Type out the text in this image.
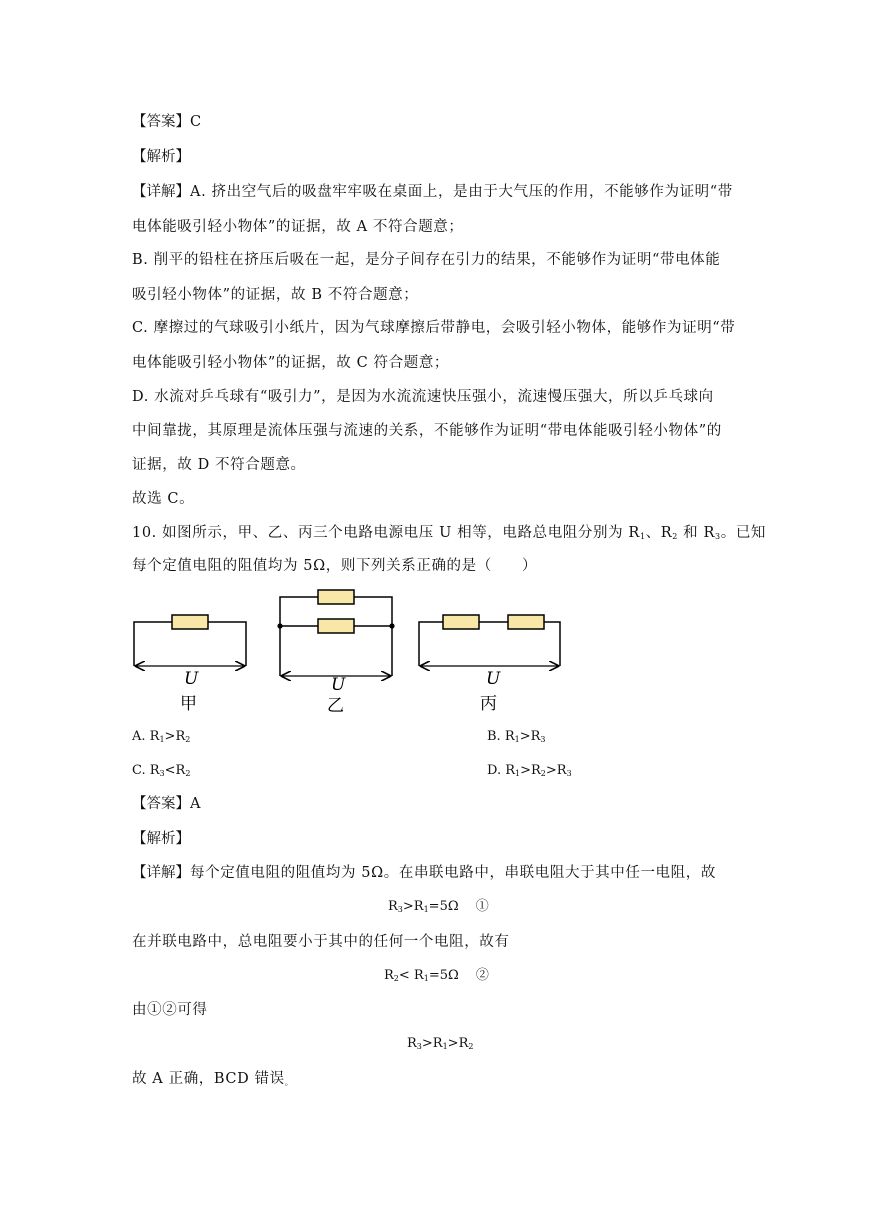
【答案】C
【解析】
【详解】A. 挤出空气后的吸盘牢牢吸在桌面上，是由于大气压的作用，不能够作为证明“带
电体能吸引轻小物体”的证据，故 A 不符合题意；
B. 削平的铅柱在挤压后吸在一起，是分子间存在引力的结果，不能够作为证明“带电体能
吸引轻小物体”的证据，故 B 不符合题意；
C. 摩擦过的气球吸引小纸片，因为气球摩擦后带静电，会吸引轻小物体，能够作为证明“带
电体能吸引轻小物体”的证据，故 C 符合题意；
D. 水流对乒乓球有“吸引力”，是因为水流流速快压强小，流速慢压强大，所以乒乓球向
中间靠拢，其原理是流体压强与流速的关系，不能够作为证明“带电体能吸引轻小物体”的
证据，故 D 不符合题意。
故选 C。
10. 如图所示，甲、乙、丙三个电路电源电压 U 相等，电路总电阻分别为 $R_1$、$R_2$ 和 $R_3$。已知
每个定值电阻的阻值均为 5Ω，则下列关系正确的是（　　）
U
甲
U
乙
U
丙
A. $R_1>R_2$	B. $R_1>R_3$
C. $R_3<R_2$	D. $R_1>R_2>R_3$
【答案】A
【解析】
【详解】每个定值电阻的阻值均为 5Ω。在串联电路中，串联电阻大于其中任一电阻，故
$R_3>R_1=5\Omega$　 ①
在并联电路中，总电阻要小于其中的任何一个电阻，故有
$R_2< R_1=5\Omega$　 ②
由①②可得
$R_3>R_1>R_2$
故 A 正确，BCD 错误$_。$
